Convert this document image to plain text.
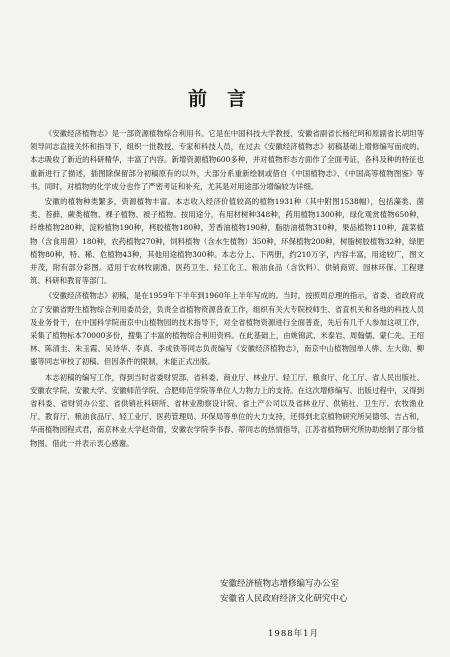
前言

《安徽经济植物志》是一部资源植物综合利用书。它是在中国科技大学教授、安徽省副省长杨纪珂和原副省长胡坦等领导同志直接关怀和指导下，组织一批教授、专家和科技人员，在过去《安徽经济植物志》初稿基础上增修编写而成的。本志吸收了新近的科研精华，丰富了内容。新增资源植物600多种，并对植物形态方面作了全面考证，各科及种的特征也重新进行了描述，插图除保留部分初稿原有的以外，大部分系重新绘制或借自《中国植物志》、《中国高等植物图鉴》等书。同时，对植物的化学成分也作了严密考证和补充，尤其是对用途部分增编较为详细。

安徽的植物种类繁多，资源植物丰富。本志收入经济价值较高的植物1931种（其中附图1538幅），包括藻类、菌类、苔藓、蕨类植物、裸子植物、被子植物。按用途分，有用材树种348种，药用植物1300种，绿化观赏植物650种，纤维植物280种，淀粉植物190种，栲胶植物180种，芳香油植物190种，脂肪油植物310种，果品植物110种，蔬菜植物（含食用菌）180种，农药植物270种，饲料植物（含水生植物）350种，环保植物200种，树脂树胶植物32种，绿肥植物80种，特、稀、危植物43种，其他用途植物300种。本志分上、下两册，约210万字，内容丰富，用途较广，图文并茂，附有部分彩图。适用于农林牧副渔、医药卫生、轻工化工、粮油食品（含饮料）、供销商贸、园林环保、工程建筑、科研和教育等部门。

《安徽经济植物志》初稿，是在1959年下半年到1960年上半年写成的。当时，按照周总理的指示，省委、省政府成立了安徽省野生植物综合利用委员会，负责全省植物资源普查工作，组织有关大专院校师生、省直机关和各地的科技人员及业务骨干，在中国科学院南京中山植物园的技术指导下，对全省植物资源进行全面普查，先后有几千人参加这项工作，采集了植物标本70000多份，搜集了丰富的植物综合利用资料。在此基础上，由姚锦武、米泰岩、周翰儒、蒙仁先、王绍林、陈清圭、朱玉霞、吴诗华、李真、李成铁等同志负责编写《安徽经济植物志》，南京中山植物园单人骅、左大勋、柳鎏等同志审校了初稿。但因条件的限制，未能正式出版。

本志初稿的编写工作，得到当时省委财贸部、省科委、商业厅、林业厅、轻工厅、粮食厅、化工厅、省人民出版社、安徽农学院、安徽大学、安徽师范学院、合肥师范学院等单位人力物力上的支持。在这次增修编写、出版过程中，又得到省科委、省财贸办公室、省供销社科研所、省林业勘察设计院、省土产公司以及省林业厅、供销社、卫生厅、农牧渔业厅、教育厅、粮油食品厅、轻工业厅、医药管理局、环保局等单位的大力支持，还得到北京植物研究所吴德邻、吉占和，华南植物园程式君，南京林业大学赵奇僧，安徽农学院李书春、蒂同志的热情指导，江苏省植物研究所协助绘制了部分植物图。借此一并表示衷心感谢。

安徽经济植物志增修编写办公室
安徽省人民政府经济文化研究中心
1988年1月
